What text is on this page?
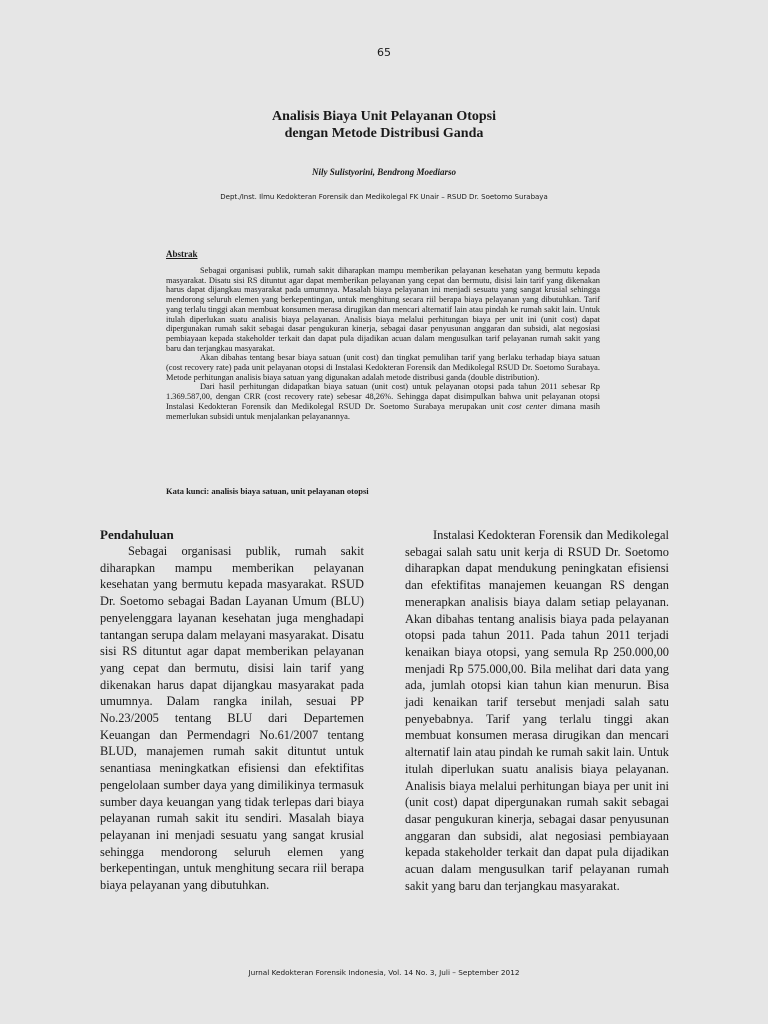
65
Analisis Biaya Unit Pelayanan Otopsi
dengan Metode Distribusi Ganda
Nily Sulistyorini, Bendrong Moediarso
Dept./Inst. Ilmu Kedokteran Forensik dan Medikolegal FK Unair – RSUD Dr. Soetomo Surabaya
Abstrak

Sebagai organisasi publik, rumah sakit diharapkan mampu memberikan pelayanan kesehatan yang bermutu kepada masyarakat. Disatu sisi RS dituntut agar dapat memberikan pelayanan yang cepat dan bermutu, disisi lain tarif yang dikenakan harus dapat dijangkau masyarakat pada umumnya. Masalah biaya pelayanan ini menjadi sesuatu yang sangat krusial sehingga mendorong seluruh elemen yang berkepentingan, untuk menghitung secara riil berapa biaya pelayanan yang dibutuhkan. Tarif yang terlalu tinggi akan membuat konsumen merasa dirugikan dan mencari alternatif lain atau pindah ke rumah sakit lain. Untuk itulah diperlukan suatu analisis biaya pelayanan. Analisis biaya melalui perhitungan biaya per unit ini (unit cost) dapat dipergunakan rumah sakit sebagai dasar pengukuran kinerja, sebagai dasar penyusunan anggaran dan subsidi, alat negosiasi pembiayaan kepada stakeholder terkait dan dapat pula dijadikan acuan dalam mengusulkan tarif pelayanan rumah sakit yang baru dan terjangkau masyarakat.

Akan dibahas tentang besar biaya satuan (unit cost) dan tingkat pemulihan tarif yang berlaku terhadap biaya satuan (cost recovery rate) pada unit pelayanan otopsi di Instalasi Kedokteran Forensik dan Medikolegal RSUD Dr. Soetomo Surabaya. Metode perhitungan analisis biaya satuan yang digunakan adalah metode distribusi ganda (double distribution).

Dari hasil perhitungan didapatkan biaya satuan (unit cost) untuk pelayanan otopsi pada tahun 2011 sebesar Rp 1.369.587,00, dengan CRR (cost recovery rate) sebesar 48,26%. Sehingga dapat disimpulkan bahwa unit pelayanan otopsi Instalasi Kedokteran Forensik dan Medikolegal RSUD Dr. Soetomo Surabaya merupakan unit cost center dimana masih memerlukan subsidi untuk menjalankan pelayanannya.

Kata kunci: analisis biaya satuan, unit pelayanan otopsi
Pendahuluan

Sebagai organisasi publik, rumah sakit diharapkan mampu memberikan pelayanan kesehatan yang bermutu kepada masyarakat. RSUD Dr. Soetomo sebagai Badan Layanan Umum (BLU) penyelenggara layanan kesehatan juga menghadapi tantangan serupa dalam melayani masyarakat. Disatu sisi RS dituntut agar dapat memberikan pelayanan yang cepat dan bermutu, disisi lain tarif yang dikenakan harus dapat dijangkau masyarakat pada umumnya. Dalam rangka inilah, sesuai PP No.23/2005 tentang BLU dari Departemen Keuangan dan Permendagri No.61/2007 tentang BLUD, manajemen rumah sakit dituntut untuk senantiasa meningkatkan efisiensi dan efektifitas pengelolaan sumber daya yang dimilikinya termasuk sumber daya keuangan yang tidak terlepas dari biaya pelayanan rumah sakit itu sendiri. Masalah biaya pelayanan ini menjadi sesuatu yang sangat krusial sehingga mendorong seluruh elemen yang berkepentingan, untuk menghitung secara riil berapa biaya pelayanan yang dibutuhkan.

Instalasi Kedokteran Forensik dan Medikolegal sebagai salah satu unit kerja di RSUD Dr. Soetomo diharapkan dapat mendukung peningkatan efisiensi dan efektifitas manajemen keuangan RS dengan menerapkan analisis biaya dalam setiap pelayanan. Akan dibahas tentang analisis biaya pada pelayanan otopsi pada tahun 2011. Pada tahun 2011 terjadi kenaikan biaya otopsi, yang semula Rp 250.000,00 menjadi Rp 575.000,00. Bila melihat dari data yang ada, jumlah otopsi kian tahun kian menurun. Bisa jadi kenaikan tarif tersebut menjadi salah satu penyebabnya. Tarif yang terlalu tinggi akan membuat konsumen merasa dirugikan dan mencari alternatif lain atau pindah ke rumah sakit lain. Untuk itulah diperlukan suatu analisis biaya pelayanan. Analisis biaya melalui perhitungan biaya per unit ini (unit cost) dapat dipergunakan rumah sakit sebagai dasar pengukuran kinerja, sebagai dasar penyusunan anggaran dan subsidi, alat negosiasi pembiayaan kepada stakeholder terkait dan dapat pula dijadikan acuan dalam mengusulkan tarif pelayanan rumah sakit yang baru dan terjangkau masyarakat.

Jurnal Kedokteran Forensik Indonesia, Vol. 14 No. 3, Juli – September 2012
